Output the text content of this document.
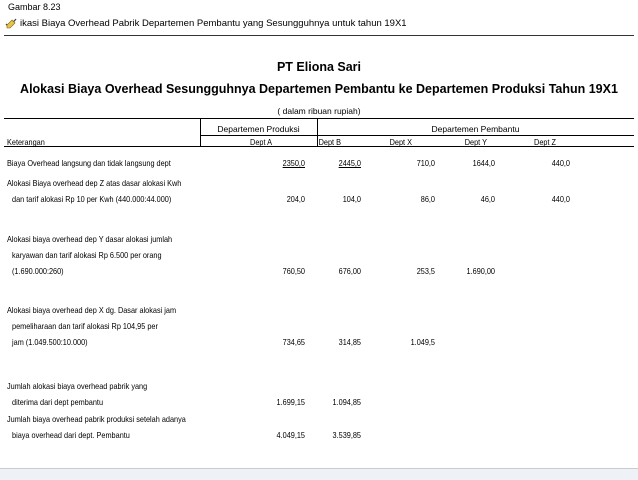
Gambar 8.23
ikasi Biaya Overhead Pabrik Departemen Pembantu yang Sesungguhnya untuk tahun 19X1
PT Eliona Sari
Alokasi Biaya Overhead Sesungguhnya Departemen Pembantu ke Departemen Produksi Tahun 19X1
( dalam ribuan rupiah)
Departemen Produksi	Departemen Pembantu
Keterangan	Dept A	Dept B	Dept X	Dept Y	Dept Z
Biaya Overhead langsung dan tidak langsung dept	2350,0	2445,0	710,0	1644,0	440,0
Alokasi Biaya overhead dep Z atas dasar alokasi Kwh
dan tarif alokasi Rp 10 per Kwh (440.000:44.000)	204,0	104,0	86,0	46,0	440,0
Alokasi biaya overhead dep Y dasar alokasi jumlah
karyawan dan tarif alokasi Rp 6.500 per orang
(1.690.000:260)	760,50	676,00	253,5	1.690,00
Alokasi biaya overhead dep X dg. Dasar alokasi jam
pemeliharaan dan tarif alokasi Rp 104,95 per
jam (1.049.500:10.000)	734,65	314,85	1.049,5
Jumlah alokasi biaya overhead pabrik yang
diterima dari dept pembantu	1.699,15	1.094,85
Jumlah biaya overhead pabrik produksi setelah adanya
biaya overhead dari dept. Pembantu	4.049,15	3.539,85
